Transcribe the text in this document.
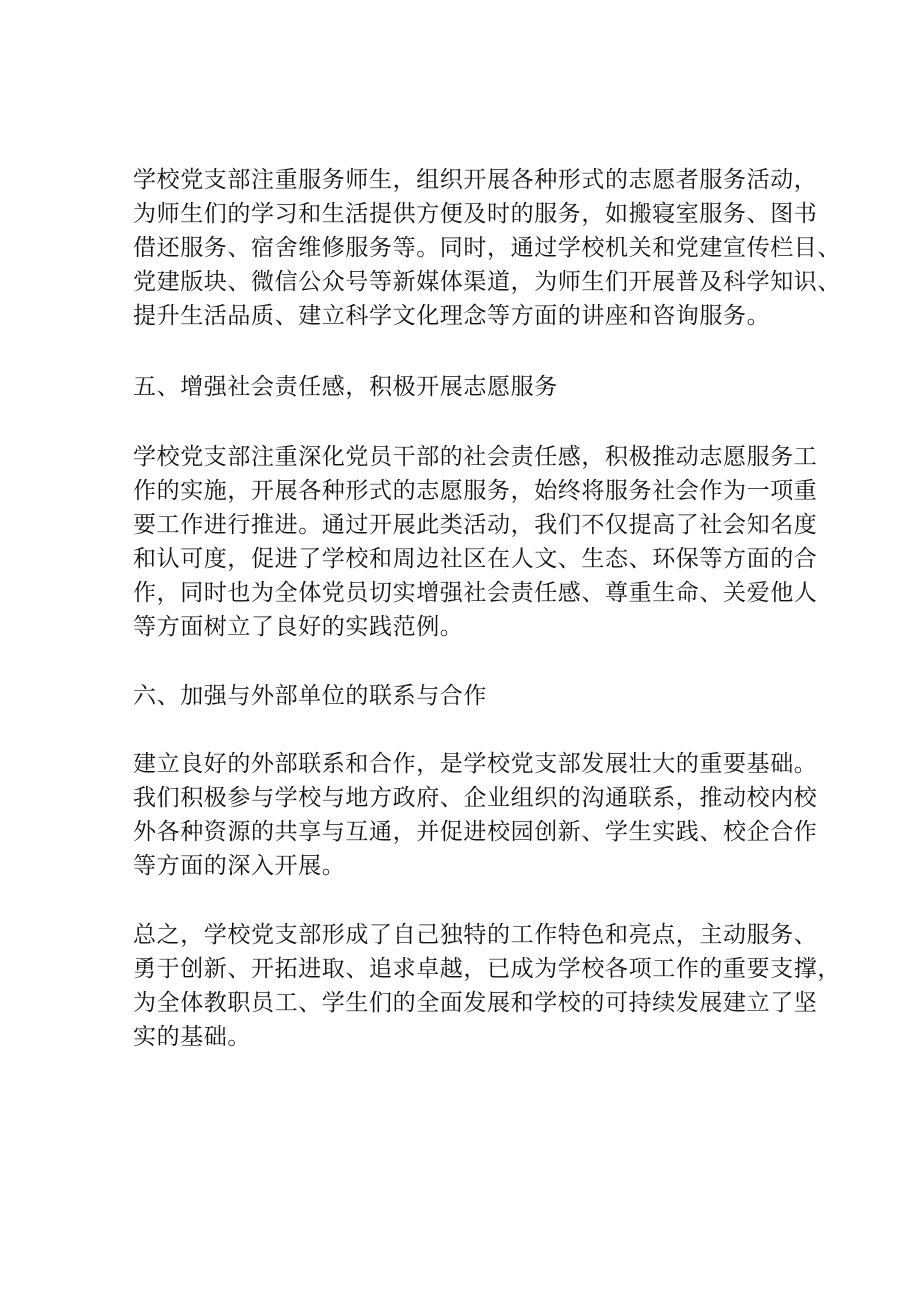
学校党支部注重服务师生，组织开展各种形式的志愿者服务活动，
为师生们的学习和生活提供方便及时的服务，如搬寝室服务、图书
借还服务、宿舍维修服务等。同时，通过学校机关和党建宣传栏目、
党建版块、微信公众号等新媒体渠道，为师生们开展普及科学知识、
提升生活品质、建立科学文化理念等方面的讲座和咨询服务。
五、增强社会责任感，积极开展志愿服务
学校党支部注重深化党员干部的社会责任感，积极推动志愿服务工
作的实施，开展各种形式的志愿服务，始终将服务社会作为一项重
要工作进行推进。通过开展此类活动，我们不仅提高了社会知名度
和认可度，促进了学校和周边社区在人文、生态、环保等方面的合
作，同时也为全体党员切实增强社会责任感、尊重生命、关爱他人
等方面树立了良好的实践范例。
六、加强与外部单位的联系与合作
建立良好的外部联系和合作，是学校党支部发展壮大的重要基础。
我们积极参与学校与地方政府、企业组织的沟通联系，推动校内校
外各种资源的共享与互通，并促进校园创新、学生实践、校企合作
等方面的深入开展。
总之，学校党支部形成了自己独特的工作特色和亮点，主动服务、
勇于创新、开拓进取、追求卓越，已成为学校各项工作的重要支撑，
为全体教职员工、学生们的全面发展和学校的可持续发展建立了坚
实的基础。
